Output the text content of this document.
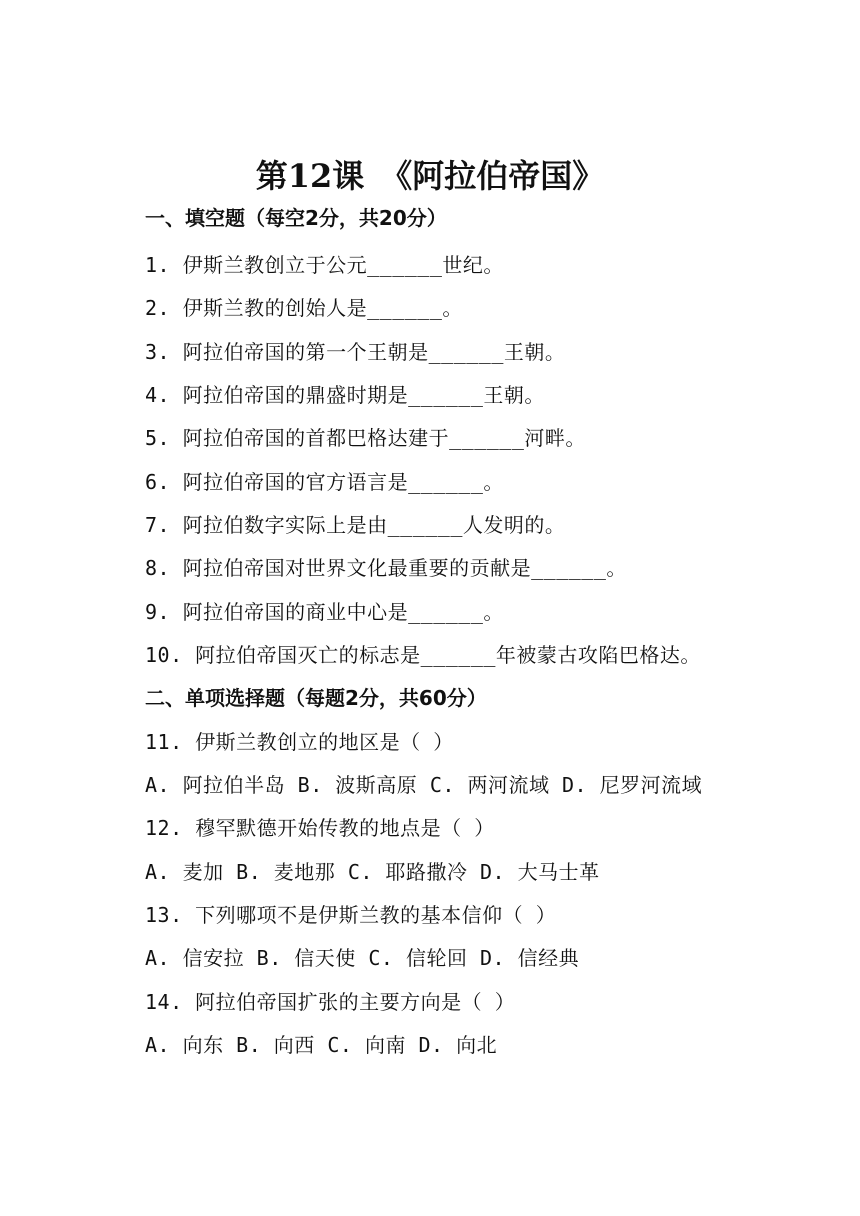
第12课　《阿拉伯帝国》
一、填空题（每空2分，共20分）
1. 伊斯兰教创立于公元______世纪。
2. 伊斯兰教的创始人是______。
3. 阿拉伯帝国的第一个王朝是______王朝。
4. 阿拉伯帝国的鼎盛时期是______王朝。
5. 阿拉伯帝国的首都巴格达建于______河畔。
6. 阿拉伯帝国的官方语言是______。
7. 阿拉伯数字实际上是由______人发明的。
8. 阿拉伯帝国对世界文化最重要的贡献是______。
9. 阿拉伯帝国的商业中心是______。
10. 阿拉伯帝国灭亡的标志是______年被蒙古攻陷巴格达。
二、单项选择题（每题2分，共60分）
11. 伊斯兰教创立的地区是（ ）
A. 阿拉伯半岛 B. 波斯高原 C. 两河流域 D. 尼罗河流域
12. 穆罕默德开始传教的地点是（ ）
A. 麦加 B. 麦地那 C. 耶路撒冷 D. 大马士革
13. 下列哪项不是伊斯兰教的基本信仰（ ）
A. 信安拉 B. 信天使 C. 信轮回 D. 信经典
14. 阿拉伯帝国扩张的主要方向是（ ）
A. 向东 B. 向西 C. 向南 D. 向北
